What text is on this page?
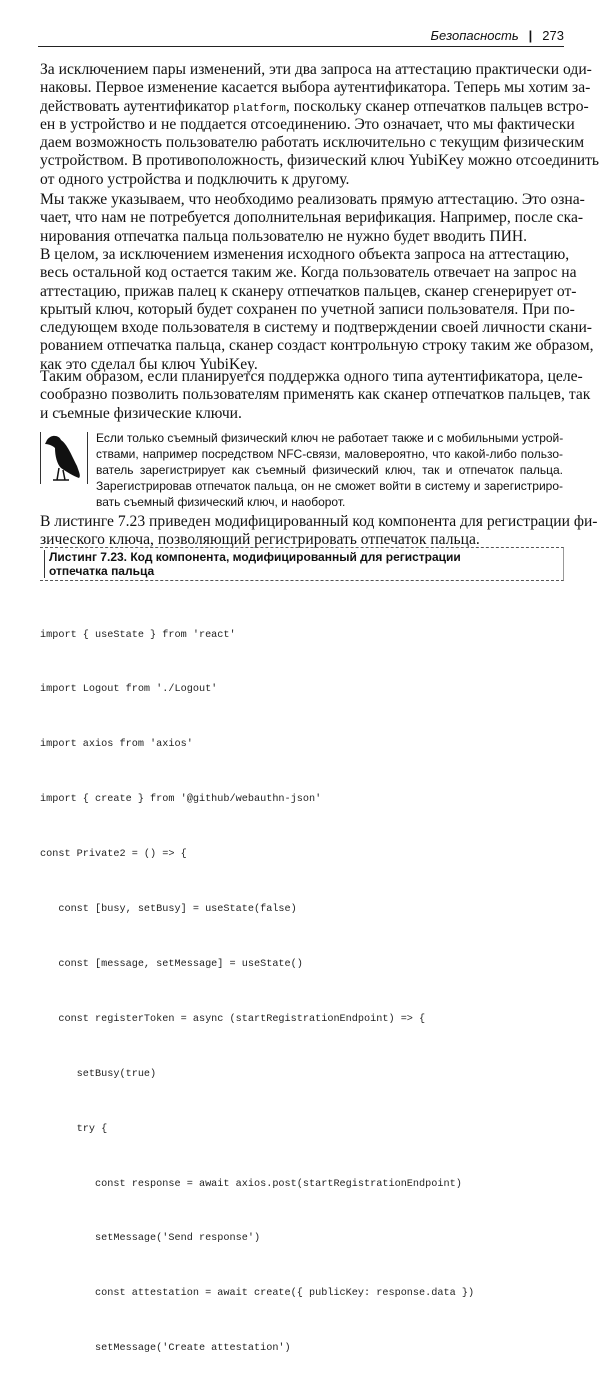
Безопасность | 273
За исключением пары изменений, эти два запроса на аттестацию практически оди-
наковы. Первое изменение касается выбора аутентификатора. Теперь мы хотим за-
действовать аутентификатор platform, поскольку сканер отпечатков пальцев встро-
ен в устройство и не поддается отсоединению. Это означает, что мы фактически
даем возможность пользователю работать исключительно с текущим физическим
устройством. В противоположность, физический ключ YubiKey можно отсоединить
от одного устройства и подключить к другому.
Мы также указываем, что необходимо реализовать прямую аттестацию. Это озна-
чает, что нам не потребуется дополнительная верификация. Например, после ска-
нирования отпечатка пальца пользователю не нужно будет вводить ПИН.
В целом, за исключением изменения исходного объекта запроса на аттестацию,
весь остальной код остается таким же. Когда пользователь отвечает на запрос на
аттестацию, прижав палец к сканеру отпечатков пальцев, сканер сгенерирует от-
крытый ключ, который будет сохранен по учетной записи пользователя. При по-
следующем входе пользователя в систему и подтверждении своей личности скани-
рованием отпечатка пальца, сканер создаст контрольную строку таким же образом,
как это сделал бы ключ YubiKey.
Таким образом, если планируется поддержка одного типа аутентификатора, целе-
сообразно позволить пользователям применять как сканер отпечатков пальцев, так
и съемные физические ключи.
Если только съемный физический ключ не работает также и с мобильными устрой-
ствами, например посредством NFC-связи, маловероятно, что какой-либо пользо-
ватель зарегистрирует как съемный физический ключ, так и отпечаток пальца.
Зарегистрировав отпечаток пальца, он не сможет войти в систему и зарегистриро-
вать съемный физический ключ, и наоборот.
В листинге 7.23 приведен модифицированный код компонента для регистрации фи-
зического ключа, позволяющий регистрировать отпечаток пальца.
Листинг 7.23. Код компонента, модифицированный для регистрации
отпечатка пальца

import { useState } from 'react'

import Logout from './Logout'

import axios from 'axios'

import { create } from '@github/webauthn-json'

const Private2 = () => {

const [busy, setBusy] = useState(false)

const [message, setMessage] = useState()

const registerToken = async (startRegistrationEndpoint) => {

setBusy(true)

try {

const response = await axios.post(startRegistrationEndpoint)

setMessage('Send response')

const attestation = await create({ publicKey: response.data })

setMessage('Create attestation')
